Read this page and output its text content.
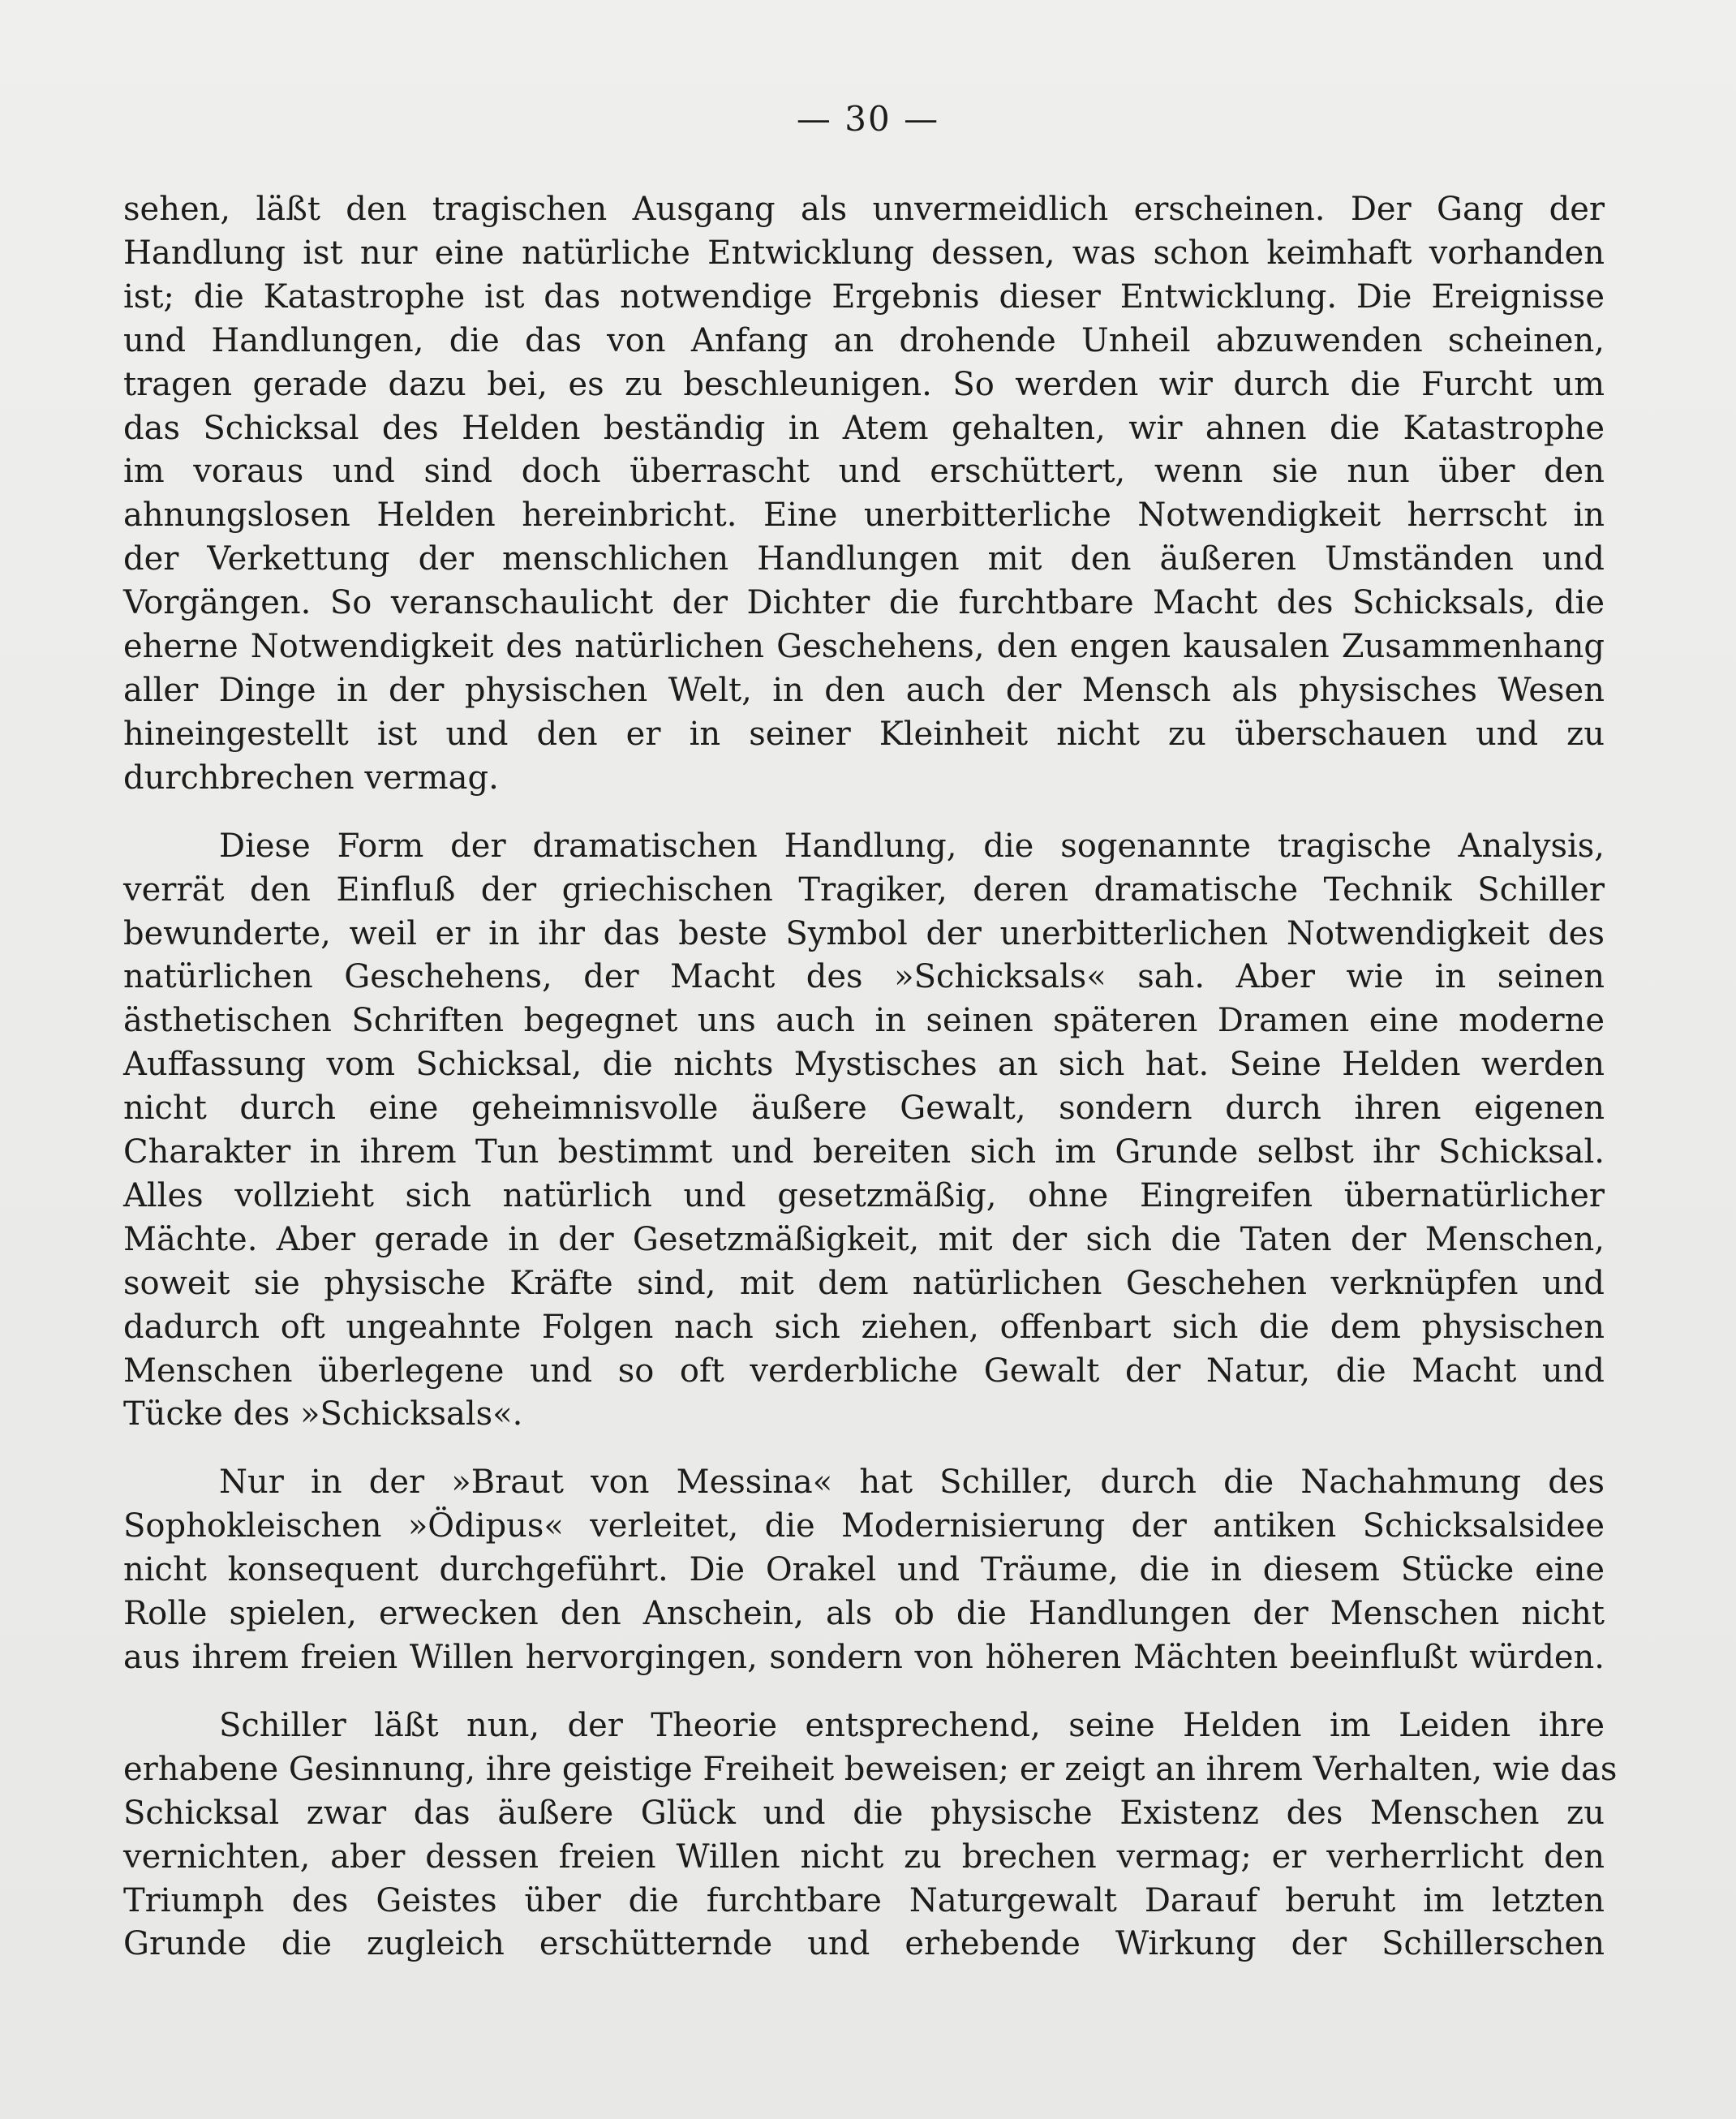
— 30 —

sehen, läßt den tragischen Ausgang als unvermeidlich erscheinen. Der Gang der
Handlung ist nur eine natürliche Entwicklung dessen, was schon keimhaft vorhanden
ist; die Katastrophe ist das notwendige Ergebnis dieser Entwicklung. Die Ereignisse
und Handlungen, die das von Anfang an drohende Unheil abzuwenden scheinen,
tragen gerade dazu bei, es zu beschleunigen. So werden wir durch die Furcht um
das Schicksal des Helden beständig in Atem gehalten, wir ahnen die Katastrophe
im voraus und sind doch überrascht und erschüttert, wenn sie nun über den
ahnungslosen Helden hereinbricht. Eine unerbitterliche Notwendigkeit herrscht in
der Verkettung der menschlichen Handlungen mit den äußeren Umständen und
Vorgängen. So veranschaulicht der Dichter die furchtbare Macht des Schicksals, die
eherne Notwendigkeit des natürlichen Geschehens, den engen kausalen Zusammenhang
aller Dinge in der physischen Welt, in den auch der Mensch als physisches Wesen
hineingestellt ist und den er in seiner Kleinheit nicht zu überschauen und zu
durchbrechen vermag.

Diese Form der dramatischen Handlung, die sogenannte tragische Analysis,
verrät den Einfluß der griechischen Tragiker, deren dramatische Technik Schiller
bewunderte, weil er in ihr das beste Symbol der unerbitterlichen Notwendigkeit des
natürlichen Geschehens, der Macht des »Schicksals« sah. Aber wie in seinen
ästhetischen Schriften begegnet uns auch in seinen späteren Dramen eine moderne
Auffassung vom Schicksal, die nichts Mystisches an sich hat. Seine Helden werden
nicht durch eine geheimnisvolle äußere Gewalt, sondern durch ihren eigenen
Charakter in ihrem Tun bestimmt und bereiten sich im Grunde selbst ihr Schicksal.
Alles vollzieht sich natürlich und gesetzmäßig, ohne Eingreifen übernatürlicher
Mächte. Aber gerade in der Gesetzmäßigkeit, mit der sich die Taten der Menschen,
soweit sie physische Kräfte sind, mit dem natürlichen Geschehen verknüpfen und
dadurch oft ungeahnte Folgen nach sich ziehen, offenbart sich die dem physischen
Menschen überlegene und so oft verderbliche Gewalt der Natur, die Macht und
Tücke des »Schicksals«.

Nur in der »Braut von Messina« hat Schiller, durch die Nachahmung des
Sophokleischen »Ödipus« verleitet, die Modernisierung der antiken Schicksalsidee
nicht konsequent durchgeführt. Die Orakel und Träume, die in diesem Stücke eine
Rolle spielen, erwecken den Anschein, als ob die Handlungen der Menschen nicht
aus ihrem freien Willen hervorgingen, sondern von höheren Mächten beeinflußt würden.

Schiller läßt nun, der Theorie entsprechend, seine Helden im Leiden ihre
erhabene Gesinnung, ihre geistige Freiheit beweisen; er zeigt an ihrem Verhalten, wie das
Schicksal zwar das äußere Glück und die physische Existenz des Menschen zu
vernichten, aber dessen freien Willen nicht zu brechen vermag; er verherrlicht den
Triumph des Geistes über die furchtbare Naturgewalt Darauf beruht im letzten
Grunde die zugleich erschütternde und erhebende Wirkung der Schillerschen
